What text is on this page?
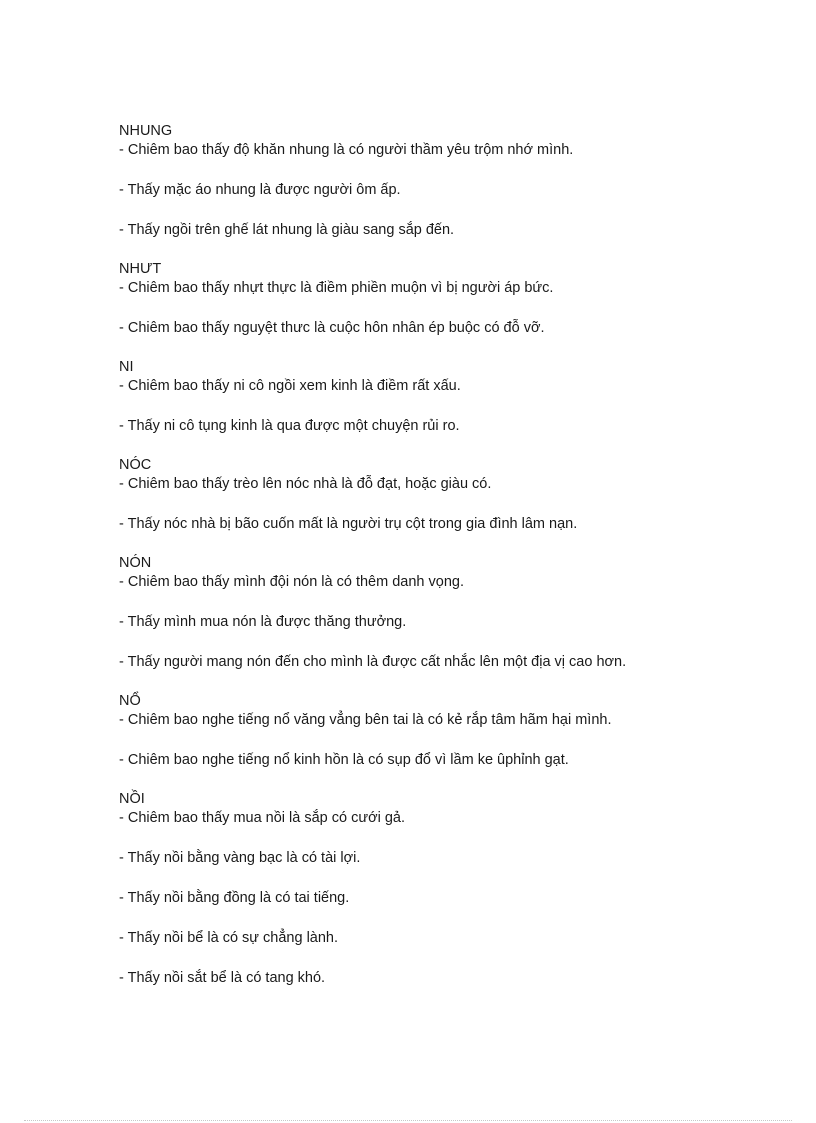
NHUNG
- Chiêm bao thấy độ khăn nhung là có người thầm yêu trộm nhớ mình.
- Thấy mặc áo nhung là được người ôm ấp.
- Thấy ngồi trên ghế lát nhung là giàu sang sắp đến.
NHƯT
- Chiêm bao thấy nhựt thực là điềm phiền muộn vì bị người áp bức.
- Chiêm bao thấy nguyệt thưc là cuộc hôn nhân ép buộc có đỗ vỡ.
NI
- Chiêm bao thấy ni cô ngồi xem kinh là điềm rất xấu.
- Thấy ni cô tụng kinh là qua được một chuyện rủi ro.
NÓC
- Chiêm bao thấy trèo lên nóc nhà là đỗ đạt, hoặc giàu có.
- Thấy nóc nhà bị bão cuốn mất là người trụ cột trong gia đình lâm nạn.
NÓN
- Chiêm bao thấy mình đội nón là có thêm danh vọng.
- Thấy mình mua nón là được thăng thưởng.
- Thấy người mang nón đến cho mình là được cất nhắc lên một địa vị cao hơn.
NỔ
- Chiêm bao nghe tiếng nổ văng vẳng bên tai là có kẻ rắp tâm hãm hại mình.
- Chiêm bao nghe tiếng nổ kinh hồn là có sụp đổ vì lầm ke ûphỉnh gạt.
NỒI
- Chiêm bao thấy mua nồi là sắp có cưới gả.
- Thấy nồi bằng vàng bạc là có tài lợi.
- Thấy nồi bằng đồng là có tai tiếng.
- Thấy nồi bể là có sự chẳng lành.
- Thấy nồi sắt bể là có tang khó.
